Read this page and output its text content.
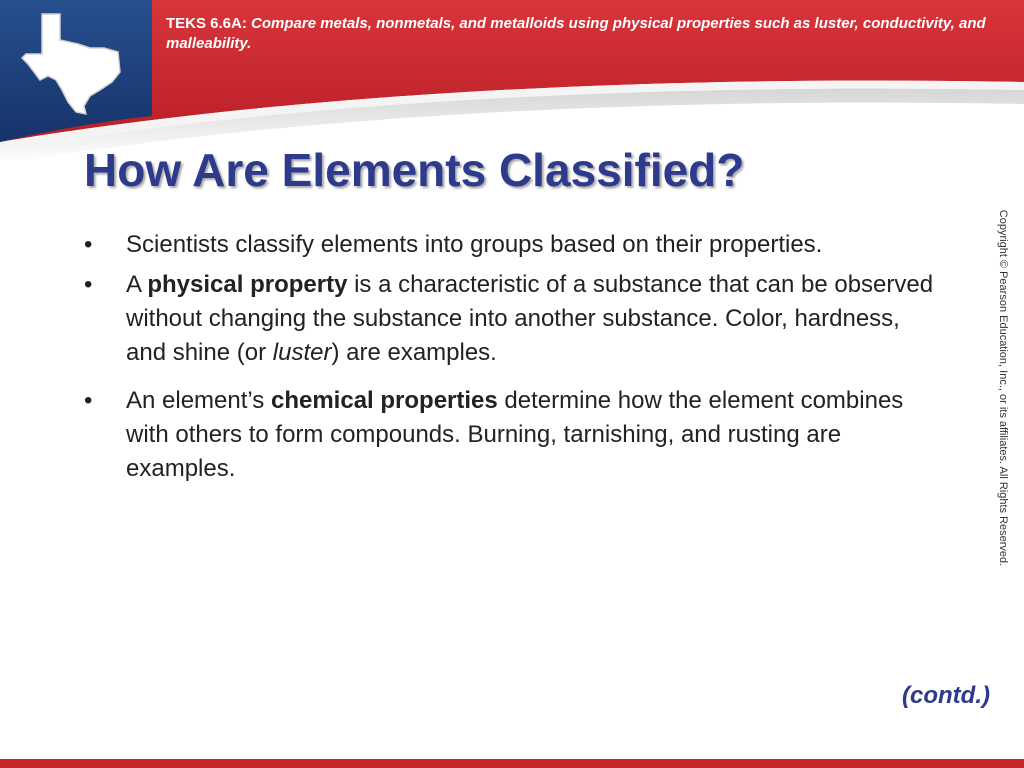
TEKS 6.6A: Compare metals, nonmetals, and metalloids using physical properties such as luster, conductivity, and malleability.
How Are Elements Classified?
• Scientists classify elements into groups based on their properties.
• A physical property is a characteristic of a substance that can be observed without changing the substance into another substance. Color, hardness, and shine (or luster) are examples.
• An element’s chemical properties determine how the element combines with others to form compounds. Burning, tarnishing, and rusting are examples.	Copyright © Pearson Education, Inc., or its affiliates. All Rights Reserved.
(contd.)
